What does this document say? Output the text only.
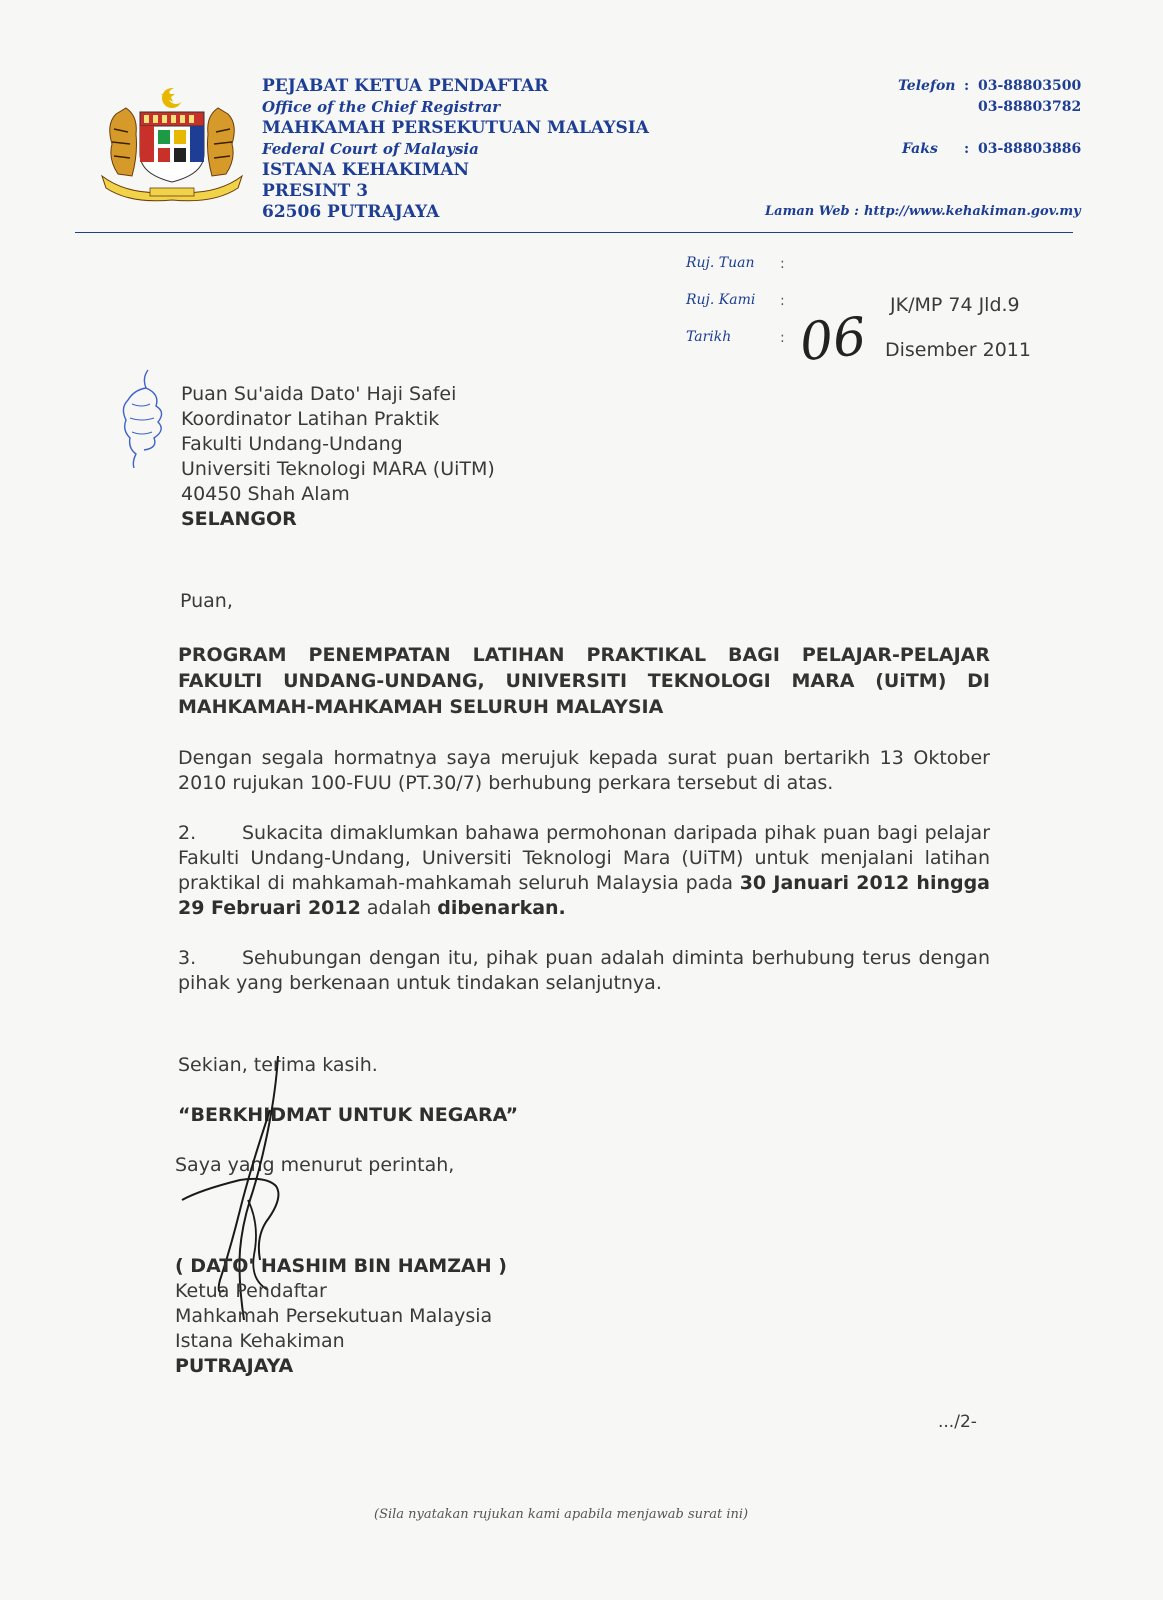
PEJABAT KETUA PENDAFTAR
Office of the Chief Registrar
MAHKAMAH PERSEKUTUAN MALAYSIA
Federal Court of Malaysia
ISTANA KEHAKIMAN
PRESINT 3
62506 PUTRAJAYA
Telefon : 03-88803500
03-88803782
Faks : 03-88803886
Laman Web : http://www.kehakiman.gov.my
Ruj. Tuan :
Ruj. Kami :	JK/MP 74 Jld.9
Tarikh	: 06 Disember 2011
Puan Su'aida Dato' Haji Safei
Koordinator Latihan Praktik
Fakulti Undang-Undang
Universiti Teknologi MARA (UiTM)
40450 Shah Alam
SELANGOR
Puan,
PROGRAM PENEMPATAN LATIHAN PRAKTIKAL BAGI PELAJAR-PELAJAR
FAKULTI UNDANG-UNDANG, UNIVERSITI TEKNOLOGI MARA (UiTM) DI
MAHKAMAH-MAHKAMAH SELURUH MALAYSIA
Dengan segala hormatnya saya merujuk kepada surat puan bertarikh 13 Oktober 2010 rujukan 100-FUU (PT.30/7) berhubung perkara tersebut di atas.
2. Sukacita dimaklumkan bahawa permohonan daripada pihak puan bagi pelajar Fakulti Undang-Undang, Universiti Teknologi Mara (UiTM) untuk menjalani latihan praktikal di mahkamah-mahkamah seluruh Malaysia pada 30 Januari 2012 hingga 29 Februari 2012 adalah dibenarkan.
3. Sehubungan dengan itu, pihak puan adalah diminta berhubung terus dengan pihak yang berkenaan untuk tindakan selanjutnya.
Sekian, terima kasih.
“BERKHIDMAT UNTUK NEGARA”
Saya yang menurut perintah,
( DATO' HASHIM BIN HAMZAH )
Ketua Pendaftar
Mahkamah Persekutuan Malaysia
Istana Kehakiman
PUTRAJAYA
.../2-
(Sila nyatakan rujukan kami apabila menjawab surat ini)
